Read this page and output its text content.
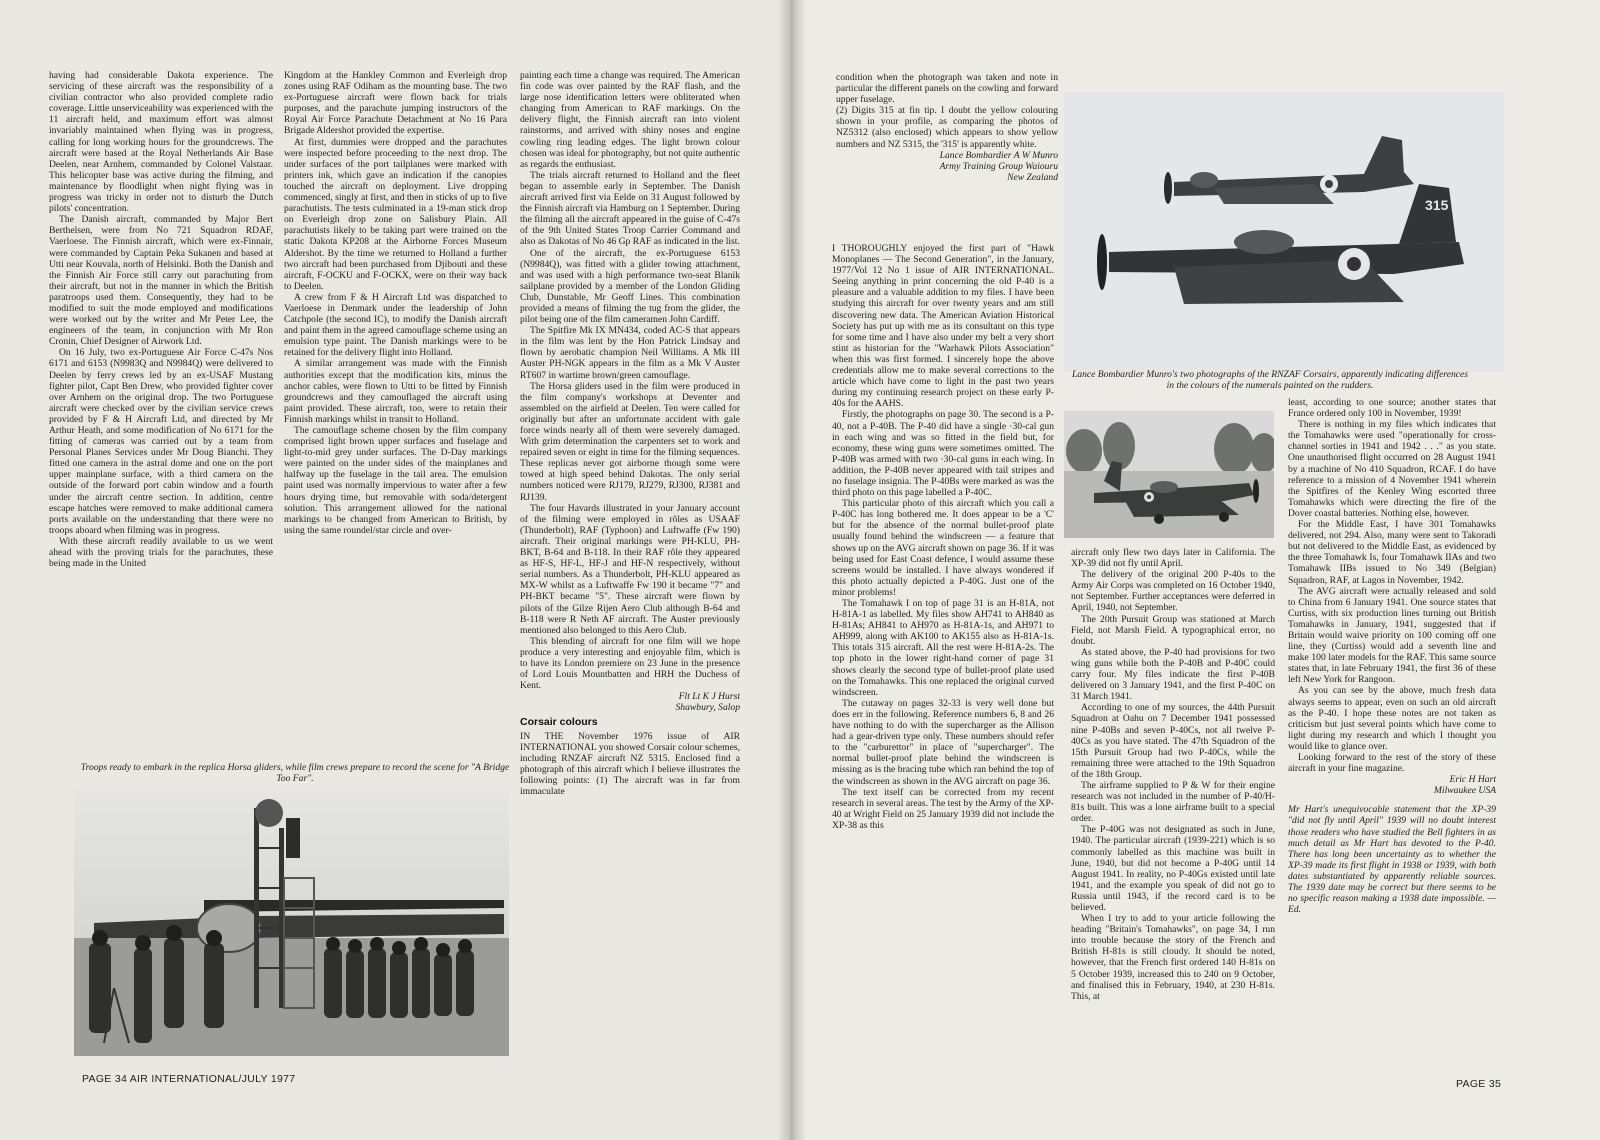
having had considerable Dakota experience. The servicing of these aircraft was the responsibility of a civilian contractor who also provided complete radio coverage. Little unserviceability was experienced with the 11 aircraft held, and maximum effort was almost invariably maintained when flying was in progress, calling for long working hours for the groundcrews. The aircraft were based at the Royal Netherlands Air Base Deelen, near Arnhem, commanded by Colonel Valstaar. This helicopter base was active during the filming, and maintenance by floodlight when night flying was in progress was tricky in order not to disturb the Dutch pilots' concentration.

The Danish aircraft, commanded by Major Bert Berthelsen, were from No 721 Squadron RDAF, Vaerloese. The Finnish aircraft, which were ex-Finnair, were commanded by Captain Peka Sukanen and based at Utti near Kouvala, north of Helsinki. Both the Danish and the Finnish Air Force still carry out parachuting from their aircraft, but not in the manner in which the British paratroops used them. Consequently, they had to be modified to suit the mode employed and modifications were worked out by the writer and Mr Peter Lee, the engineers of the team, in conjunction with Mr Ron Cronin, Chief Designer of Airwork Ltd.

On 16 July, two ex-Portuguese Air Force C-47s Nos 6171 and 6153 (N9983Q and N9984Q) were delivered to Deelen by ferry crews led by an ex-USAF Mustang fighter pilot, Capt Ben Drew, who provided fighter cover over Arnhem on the original drop. The two Portuguese aircraft were checked over by the civilian service crews provided by F & H Aircraft Ltd, and directed by Mr Arthur Heath, and some modification of No 6171 for the fitting of cameras was carried out by a team from Personal Planes Services under Mr Doug Bianchi. They fitted one camera in the astral dome and one on the port upper mainplane surface, with a third camera on the outside of the forward port cabin window and a fourth under the aircraft centre section. In addition, centre escape hatches were removed to make additional camera ports available on the understanding that there were no troops aboard when filming was in progress.

With these aircraft readily available to us we went ahead with the proving trials for the parachutes, these being made in the United

Kingdom at the Hankley Common and Everleigh drop zones using RAF Odiham as the mounting base. The two ex-Portuguese aircraft were flown back for trials purposes, and the parachute jumping instructors of the Royal Air Force Parachute Detachment at No 16 Para Brigade Aldershot provided the expertise.

At first, dummies were dropped and the parachutes were inspected before proceeding to the next drop. The under surfaces of the port tailplanes were marked with printers ink, which gave an indication if the canopies touched the aircraft on deployment. Live dropping commenced, singly at first, and then in sticks of up to five parachutists. The tests culminated in a 19-man stick drop on Everleigh drop zone on Salisbury Plain. All parachutists likely to be taking part were trained on the static Dakota KP208 at the Airborne Forces Museum Aldershot. By the time we returned to Holland a further two aircraft had been purchased from Djibouti and these aircraft, F-OCKU and F-OCKX, were on their way back to Deelen.

A crew from F & H Aircraft Ltd was dispatched to Vaerloese in Denmark under the leadership of John Catchpole (the second IC), to modify the Danish aircraft and paint them in the agreed camouflage scheme using an emulsion type paint. The Danish markings were to be retained for the delivery flight into Holland.

A similar arrangement was made with the Finnish authorities except that the modification kits, minus the anchor cables, were flown to Utti to be fitted by Finnish groundcrews and they camouflaged the aircraft using paint provided. These aircraft, too, were to retain their Finnish markings whilst in transit to Holland.

The camouflage scheme chosen by the film company comprised light brown upper surfaces and fuselage and light-to-mid grey under surfaces. The D-Day markings were painted on the under sides of the mainplanes and halfway up the fuselage in the tail area. The emulsion paint used was normally impervious to water after a few hours drying time, but removable with soda/detergent solution. This arrangement allowed for the national markings to be changed from American to British, by using the same roundel/star circle and over-

painting each time a change was required. The American fin code was over painted by the RAF flash, and the large nose identification letters were obliterated when changing from American to RAF markings. On the delivery flight, the Finnish aircraft ran into violent rainstorms, and arrived with shiny noses and engine cowling ring leading edges. The light brown colour chosen was ideal for photography, but not quite authentic as regards the enthusiast.

The trials aircraft returned to Holland and the fleet began to assemble early in September. The Danish aircraft arrived first via Eelde on 31 August followed by the Finnish aircraft via Hamburg on 1 September. During the filming all the aircraft appeared in the guise of C-47s of the 9th United States Troop Carrier Command and also as Dakotas of No 46 Gp RAF as indicated in the list.

One of the aircraft, the ex-Portuguese 6153 (N9984Q), was fitted with a glider towing attachment, and was used with a high performance two-seat Blanik sailplane provided by a member of the London Gliding Club, Dunstable, Mr Geoff Lines. This combination provided a means of filming the tug from the glider, the pilot being one of the film cameramen John Cardiff.

The Spitfire Mk IX MN434, coded AC-S that appears in the film was lent by the Hon Patrick Lindsay and flown by aerobatic champion Neil Williams. A Mk III Auster PH-NGK appears in the film as a Mk V Auster RT607 in wartime brown/green camouflage.

The Horsa gliders used in the film were produced in the film company's workshops at Deventer and assembled on the airfield at Deelen. Ten were called for originally but after an unfortunate accident with gale force winds nearly all of them were severely damaged. With grim determination the carpenters set to work and repaired seven or eight in time for the filming sequences. These replicas never got airborne though some were towed at high speed behind Dakotas. The only serial numbers noticed were RJ179, RJ279, RJ300, RJ381 and RJ139.

The four Havards illustrated in your January account of the filming were employed in rôles as USAAF (Thunderbolt), RAF (Typhoon) and Luftwaffe (Fw 190) aircraft. Their original markings were PH-KLU, PH-BKT, B-64 and B-118. In their RAF rôle they appeared as HF-S, HF-L, HF-J and HF-N respectively, without serial numbers. As a Thunderbolt, PH-KLU appeared as MX-W whilst as a Luftwaffe Fw 190 it became "7" and PH-BKT became "5". These aircraft were flown by pilots of the Gilze Rijen Aero Club although B-64 and B-118 were R Neth AF aircraft. The Auster previously mentioned also belonged to this Aero Club.

This blending of aircraft for one film will we hope produce a very interesting and enjoyable film, which is to have its London premiere on 23 June in the presence of Lord Louis Mountbatten and HRH the Duchess of Kent.

Flt Lt K J Hurst

Shawbury, Salop

Corsair colours

IN THE November 1976 issue of AIR INTERNATIONAL you showed Corsair colour schemes, including RNZAF aircraft NZ 5315. Enclosed find a photograph of this aircraft which I believe illustrates the following points: (1) The aircraft was in far from immaculate

Troops ready to embark in the replica Horsa gliders, while film crews prepare to record the scene for "A Bridge Too Far".
PAGE 34 AIR INTERNATIONAL/JULY 1977

condition when the photograph was taken and note in particular the different panels on the cowling and forward upper fuselage.

(2) Digits 315 at fin tip. I doubt the yellow colouring shown in your profile, as comparing the photos of NZ5312 (also enclosed) which appears to show yellow numbers and NZ 5315, the '315' is apparently white.

Lance Bombardier A W Munro

Army Training Group Waiouru

New Zealand

I THOROUGHLY enjoyed the first part of "Hawk Monoplanes — The Second Generation", in the January, 1977/Vol 12 No 1 issue of AIR INTERNATIONAL. Seeing anything in print concerning the old P-40 is a pleasure and a valuable addition to my files. I have been studying this aircraft for over twenty years and am still discovering new data. The American Aviation Historical Society has put up with me as its consultant on this type for some time and I have also under my belt a very short stint as historian for the "Warhawk Pilots Association" when this was first formed. I sincerely hope the above credentials allow me to make several corrections to the article which have come to light in the past two years during my continuing research project on these early P-40s for the AAHS.

Firstly, the photographs on page 30. The second is a P-40, not a P-40B. The P-40 did have a single ·30-cal gun in each wing and was so fitted in the field but, for economy, these wing guns were sometimes omitted. The P-40B was armed with two ·30-cal guns in each wing. In addition, the P-40B never appeared with tail stripes and no fuselage insignia. The P-40Bs were marked as was the third photo on this page labelled a P-40C.

This particular photo of this aircraft which you call a P-40C has long bothered me. It does appear to be a 'C' but for the absence of the normal bullet-proof plate usually found behind the windscreen — a feature that shows up on the AVG aircraft shown on page 36. If it was being used for East Coast defence, I would assume these screens would be installed. I have always wondered if this photo actually depicted a P-40G. Just one of the minor problems!

The Tomahawk I on top of page 31 is an H-81A, not H-81A-1 as labelled. My files show AH741 to AH840 as H-81As; AH841 to AH970 as H-81A-1s, and AH971 to AH999, along with AK100 to AK155 also as H-81A-1s. This totals 315 aircraft. All the rest were H-81A-2s. The top photo in the lower right-hand corner of page 31 shows clearly the second type of bullet-proof plate used on the Tomahawks. This one replaced the original curved windscreen.

The cutaway on pages 32-33 is very well done but does err in the following. Reference numbers 6, 8 and 26 have nothing to do with the supercharger as the Allison had a gear-driven type only. These numbers should refer to the "carburettor" in place of "supercharger". The normal bullet-proof plate behind the windscreen is missing as is the bracing tube which ran behind the top of the windscreen as shown in the AVG aircraft on page 36.

The text itself can be corrected from my recent research in several areas. The test by the Army of the XP-40 at Wright Field on 25 January 1939 did not include the XP-38 as this

315
Lance Bombardier Munro's two photographs of the RNZAF Corsairs, apparently indicating differences in the colours of the numerals painted on the rudders.

aircraft only flew two days later in California. The XP-39 did not fly until April.

The delivery of the original 200 P-40s to the Army Air Corps was completed on 16 October 1940, not September. Further acceptances were deferred in April, 1940, not September.

The 20th Pursuit Group was stationed at March Field, not Marsh Field. A typographical error, no doubt.

As stated above, the P-40 had provisions for two wing guns while both the P-40B and P-40C could carry four. My files indicate the first P-40B delivered on 3 January 1941, and the first P-40C on 31 March 1941.

According to one of my sources, the 44th Pursuit Squadron at Oahu on 7 December 1941 possessed nine P-40Bs and seven P-40Cs, not all twelve P-40Cs as you have stated. The 47th Squadron of the 15th Pursuit Group had two P-40Cs, while the remaining three were attached to the 19th Squadron of the 18th Group.

The airframe supplied to P & W for their engine research was not included in the number of P-40/H-81s built. This was a lone airframe built to a special order.

The P-40G was not designated as such in June, 1940. The particular aircraft (1939-221) which is so commonly labelled as this machine was built in June, 1940, but did not become a P-40G until 14 August 1941. In reality, no P-40Gs existed until late 1941, and the example you speak of did not go to Russia until 1943, if the record card is to be believed.

When I try to add to your article following the heading "Britain's Tomahawks", on page 34, I run into trouble because the story of the French and British H-81s is still cloudy. It should be noted, however, that the French first ordered 140 H-81s on 5 October 1939, increased this to 240 on 9 October, and finalised this in February, 1940, at 230 H-81s. This, at

least, according to one source; another states that France ordered only 100 in November, 1939!

There is nothing in my files which indicates that the Tomahawks were used "operationally for cross-channel sorties in 1941 and 1942 . . ." as you state. One unauthorised flight occurred on 28 August 1941 by a machine of No 410 Squadron, RCAF. I do have reference to a mission of 4 November 1941 wherein the Spitfires of the Kenley Wing escorted three Tomahawks which were directing the fire of the Dover coastal batteries. Nothing else, however.

For the Middle East, I have 301 Tomahawks delivered, not 294. Also, many were sent to Takoradi but not delivered to the Middle East, as evidenced by the three Tomahawk Is, four Tomahawk IIAs and two Tomahawk IIBs issued to No 349 (Belgian) Squadron, RAF, at Lagos in November, 1942.

The AVG aircraft were actually released and sold to China from 6 January 1941. One source states that Curtiss, with six production lines turning out British Tomahawks in January, 1941, suggested that if Britain would waive priority on 100 coming off one line, they (Curtiss) would add a seventh line and make 100 later models for the RAF. This same source states that, in late February 1941, the first 36 of these left New York for Rangoon.

As you can see by the above, much fresh data always seems to appear, even on such an old aircraft as the P-40. I hope these notes are not taken as criticism but just several points which have come to light during my research and which I thought you would like to glance over.

Looking forward to the rest of the story of these aircraft in your fine magazine.

Eric H Hart

Milwaukee USA

Mr Hart's unequivocable statement that the XP-39 "did not fly until April" 1939 will no doubt interest those readers who have studied the Bell fighters in as much detail as Mr Hart has devoted to the P-40. There has long been uncertainty as to whether the XP-39 made its first flight in 1938 or 1939, with both dates substantiated by apparently reliable sources. The 1939 date may be correct but there seems to be no specific reason making a 1938 date impossible. — Ed.

PAGE 35
